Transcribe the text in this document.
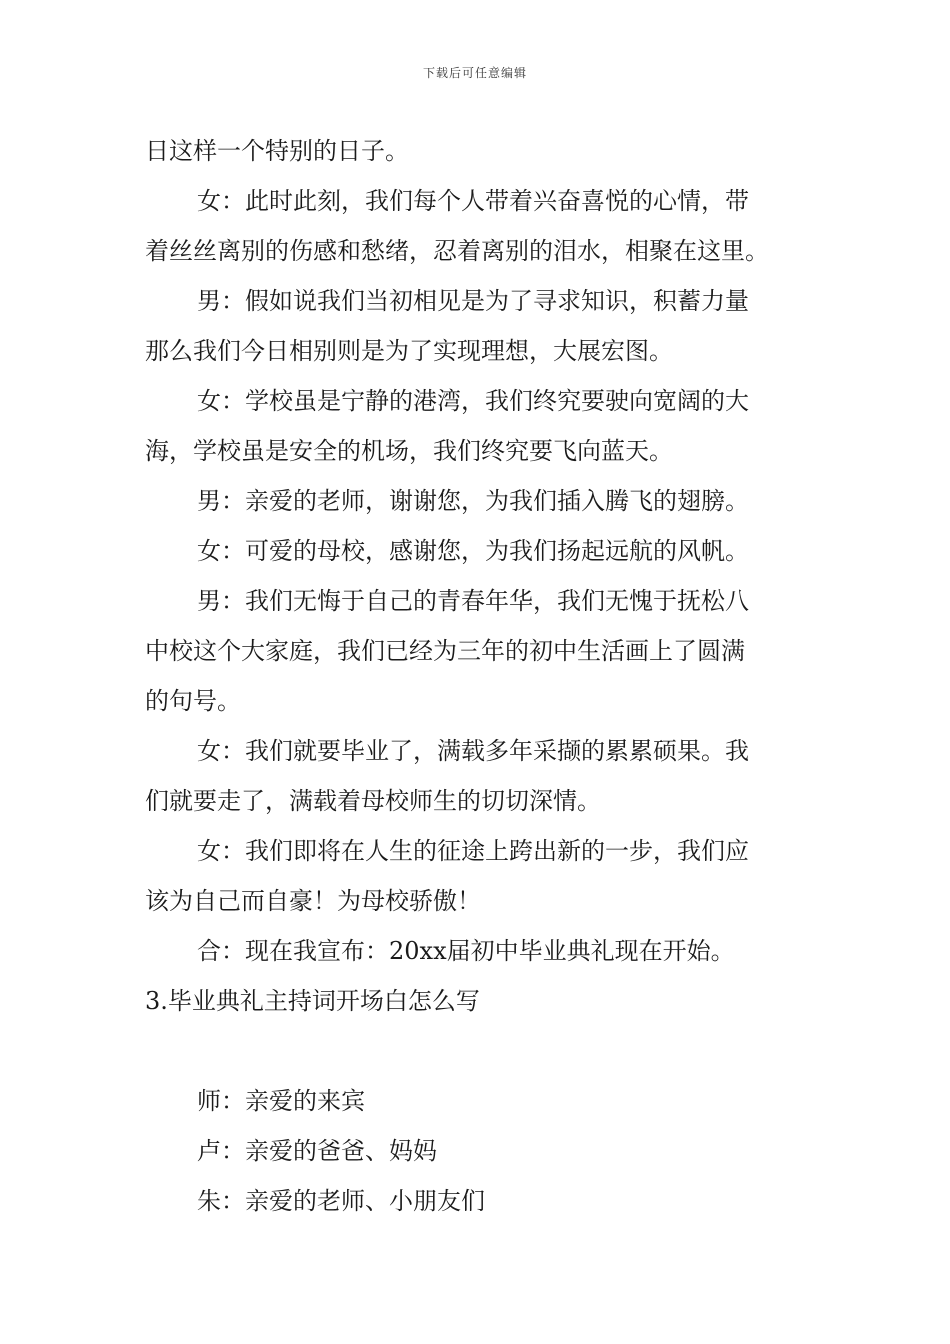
下载后可任意编辑
日这样一个特别的日子。
女：此时此刻，我们每个人带着兴奋喜悦的心情，带
着丝丝离别的伤感和愁绪，忍着离别的泪水，相聚在这里。
男：假如说我们当初相见是为了寻求知识，积蓄力量
那么我们今日相别则是为了实现理想，大展宏图。
女：学校虽是宁静的港湾，我们终究要驶向宽阔的大
海，学校虽是安全的机场，我们终究要飞向蓝天。
男：亲爱的老师，谢谢您，为我们插入腾飞的翅膀。
女：可爱的母校，感谢您，为我们扬起远航的风帆。
男：我们无悔于自己的青春年华，我们无愧于抚松八
中校这个大家庭，我们已经为三年的初中生活画上了圆满
的句号。
女：我们就要毕业了，满载多年采撷的累累硕果。我
们就要走了，满载着母校师生的切切深情。
女：我们即将在人生的征途上跨出新的一步，我们应
该为自己而自豪！为母校骄傲！
合：现在我宣布：20xx届初中毕业典礼现在开始。
3.毕业典礼主持词开场白怎么写
师：亲爱的来宾
卢：亲爱的爸爸、妈妈
朱：亲爱的老师、小朋友们
